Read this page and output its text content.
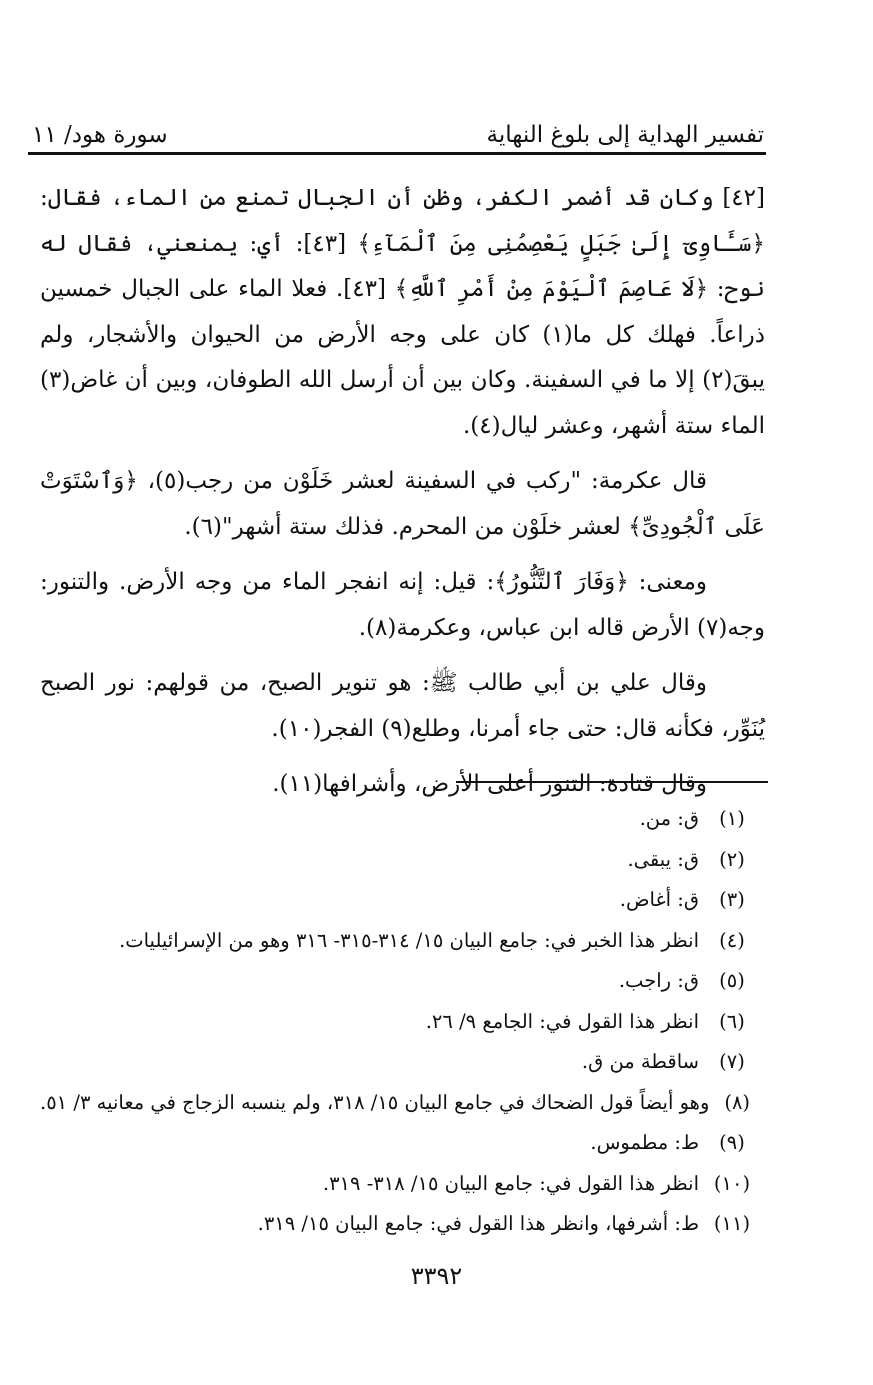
تفسير الهداية إلى بلوغ النهاية
سورة هود/ ١١

[٤٢] وكان قد أضمر الكفر، وظن أن الجبال تمنع من الماء، فقال: ﴿سَـَٔاوِىٓ إِلَىٰ جَبَلٍ يَعْصِمُنِى مِنَ ٱلْمَآءِ﴾ [٤٣]: أي: يمنعني، فقال له نوح: ﴿لَا عَاصِمَ ٱلْيَوْمَ مِنْ أَمْرِ ٱللَّهِ﴾ [٤٣]. فعلا الماء على الجبال خمسين ذراعاً. فهلك كل ما(١) كان على وجه الأرض من الحيوان والأشجار، ولم يبقَ(٢) إلا ما في السفينة. وكان بين أن أرسل الله الطوفان، وبين أن غاض(٣) الماء ستة أشهر، وعشر ليال(٤).

قال عكرمة: "ركب في السفينة لعشر خَلَوْن من رجب(٥)، ﴿وَٱسْتَوَتْ عَلَى ٱلْجُودِىِّ﴾ لعشر خلَوْن من المحرم. فذلك ستة أشهر"(٦).

ومعنى: ﴿وَفَارَ ٱلتَّنُّورُ﴾: قيل: إنه انفجر الماء من وجه الأرض. والتنور: وجه(٧) الأرض قاله ابن عباس، وعكرمة(٨).

وقال علي بن أبي طالب ﷺ: هو تنوير الصبح، من قولهم: نور الصبح يُنَوِّر، فكأنه قال: حتى جاء أمرنا، وطلع(٩) الفجر(١٠).

وقال قتادة: التنور أعلى الأرض، وأشرافها(١١).

(١)
ق: من.
(٢)
ق: يبقى.
(٣)
ق: أغاض.
(٤)
انظر هذا الخبر في: جامع البيان ١٥/ ٣١٤-٣١٥- ٣١٦ وهو من الإسرائيليات.
(٥)
ق: راجب.
(٦)
انظر هذا القول في: الجامع ٩/ ٢٦.
(٧)
ساقطة من ق.
(٨)
وهو أيضاً قول الضحاك في جامع البيان ١٥/ ٣١٨، ولم ينسبه الزجاج في معانيه ٣/ ٥١.
(٩)
ط: مطموس.
(١٠)
انظر هذا القول في: جامع البيان ١٥/ ٣١٨- ٣١٩.
(١١)
ط: أشرفها، وانظر هذا القول في: جامع البيان ١٥/ ٣١٩.
٣٣٩٢
